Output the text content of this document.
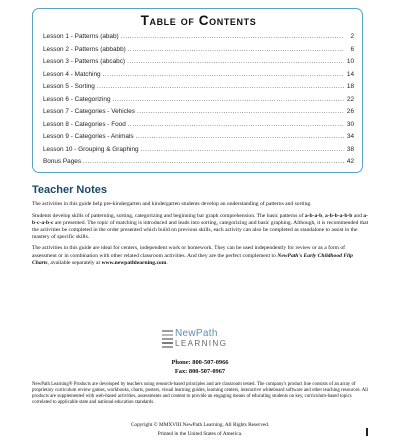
Table of Contents
Lesson 1 - Patterns (abab) .....	2
Lesson 2 - Patterns (abbabb) .....	6
Lesson 3 - Patterns (abcabc) .....	10
Lesson 4 - Matching .....	14
Lesson 5 - Sorting .....	18
Lesson 6 - Categorizing .....	22
Lesson 7 - Categories - Vehicles .....	26
Lesson 8 - Categories - Food .....	30
Lesson 9 - Categories - Animals .....	34
Lesson 10 - Grouping & Graphing .....	38
Bonus Pages .....	42
Teacher Notes

The activities in this guide help pre-kindergarten and kindergarten students develop an understanding of patterns and sorting.

Students develop skills of patterning, sorting, categorizing and beginning bar graph comprehension. The basic patterns of a-b-a-b, a-b-b-a-b-b and a-b-c-a-b-c are presented. The topic of matching is introduced and leads into sorting, categorizing and basic graphing. Although, it is recommended that the activities be completed in the order presented which build on previous skills, each activity can also be completed as standalone to assist in the mastery of specific skills.

The activities in this guide are ideal for centers, independent work or homework. They can be used independently for review or as a form of assessment or in combination with other related classroom activities. And they are the perfect complement to NewPath's Early Childhood Flip Charts, available separately at www.newpathlearning.com.

NewPath
LEARNING
Phone: 800-507-0966
Fax: 800-507-0967
NewPath Learning® Products are developed by teachers using research-based principles and are classroom tested. The company's product line consists of an array of proprietary curriculum review games, workbooks, charts, posters, visual learning guides, learning centers, interactive whiteboard software and other teaching resources. All products are supplemented with web-based activities, assessments and content to provide an engaging means of educating students on key, curriculum-based topics correlated to applicable state and national education standards.
Copyright © MMXVIII NewPath Learning. All Rights Reserved.
Printed in the United States of America.
